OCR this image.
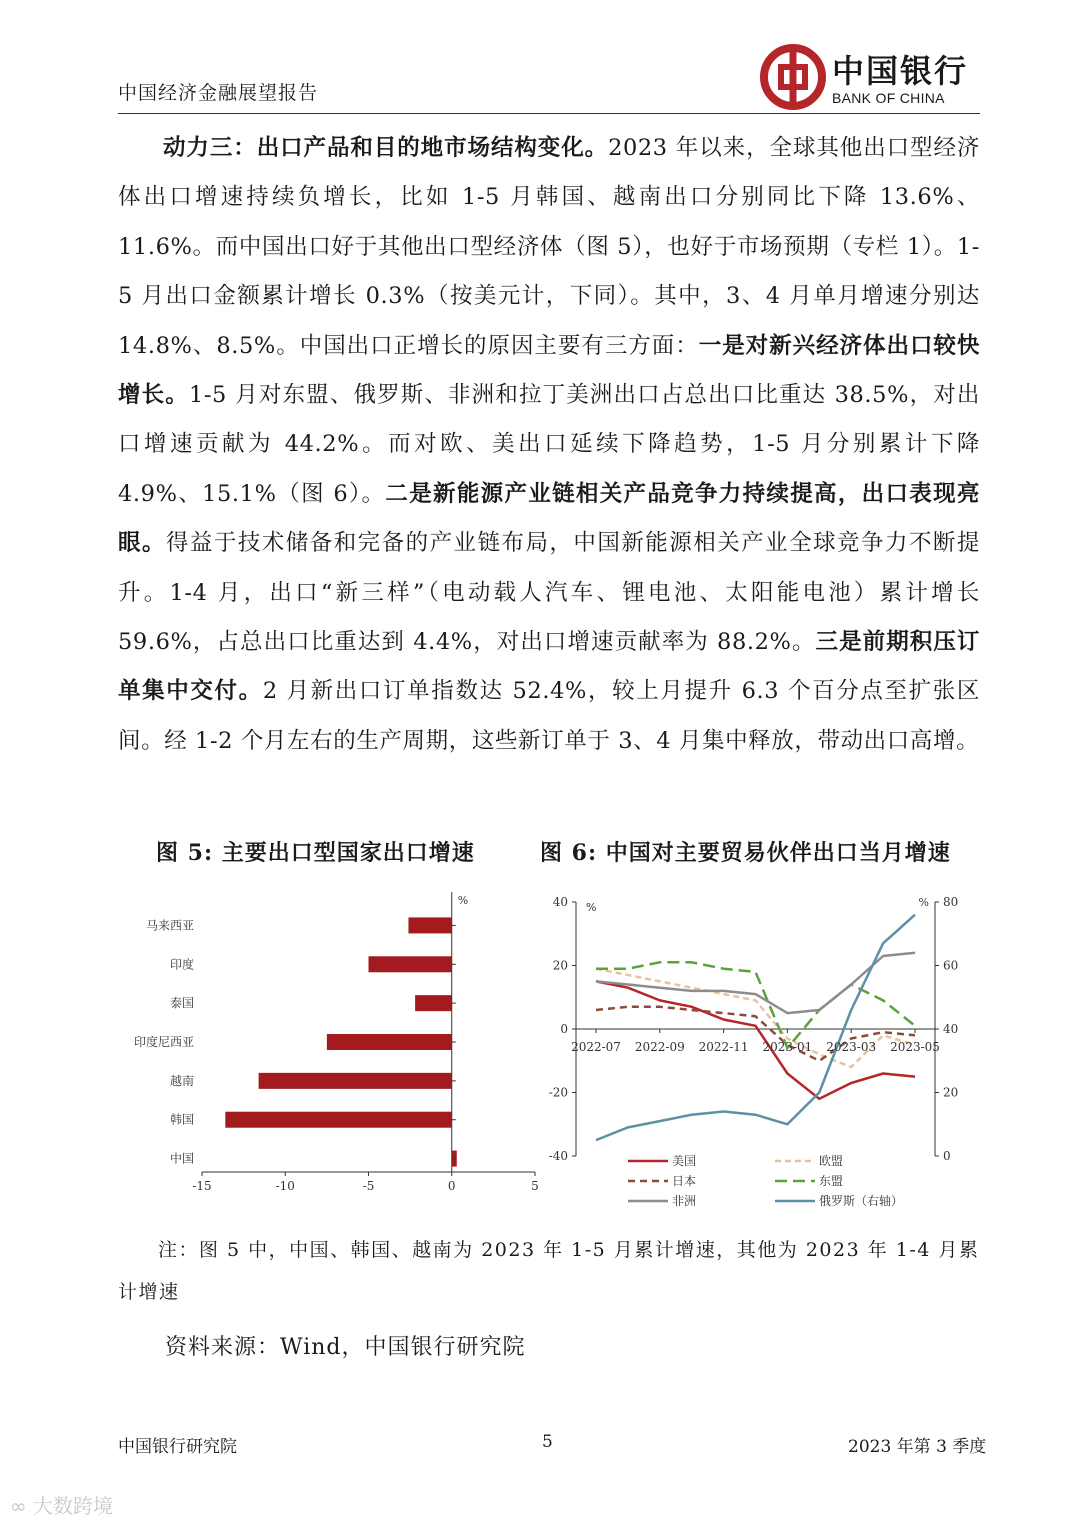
中国经济金融展望报告
中国银行
BANK OF CHINA
动力三：出口产品和目的地市场结构变化。2023 年以来，全球其他出口型经济体出口增速持续负增长，比如 1-5 月韩国、越南出口分别同比下降 13.6%、11.6%。而中国出口好于其他出口型经济体（图 5），也好于市场预期（专栏 1）。1-5 月出口金额累计增长 0.3%（按美元计，下同）。其中，3、4 月单月增速分别达 14.8%、8.5%。中国出口正增长的原因主要有三方面：一是对新兴经济体出口较快增长。1-5 月对东盟、俄罗斯、非洲和拉丁美洲出口占总出口比重达 38.5%，对出口增速贡献为 44.2%。而对欧、美出口延续下降趋势，1-5 月分别累计下降 4.9%、15.1%（图 6）。二是新能源产业链相关产品竞争力持续提高，出口表现亮眼。得益于技术储备和完备的产业链布局，中国新能源相关产业全球竞争力不断提升。1-4 月，出口“新三样”（电动载人汽车、锂电池、太阳能电池）累计增长 59.6%，占总出口比重达到 4.4%，对出口增速贡献率为 88.2%。三是前期积压订单集中交付。2 月新出口订单指数达 52.4%，较上月提升 6.3 个百分点至扩张区间。经 1-2 个月左右的生产周期，这些新订单于 3、4 月集中释放，带动出口高增。
图 5: 主要出口型国家出口增速	图 6: 中国对主要贸易伙伴出口当月增速
%
马来西亚
印度
泰国
印度尼西亚
越南
韩国
中国
-15	-10	-5	0	5
%	%
40
20
0
-20
-40
80
60
40
20
0
2022-07 2022-09 2022-11 2023-01 2023-03 2023-05
美国	欧盟
日本	东盟
非洲	俄罗斯（右轴）
注：图 5 中，中国、韩国、越南为 2023 年 1-5 月累计增速，其他为 2023 年 1-4 月累计增速
资料来源：Wind，中国银行研究院
中国银行研究院	5	2023 年第 3 季度
∞ 大数跨境
